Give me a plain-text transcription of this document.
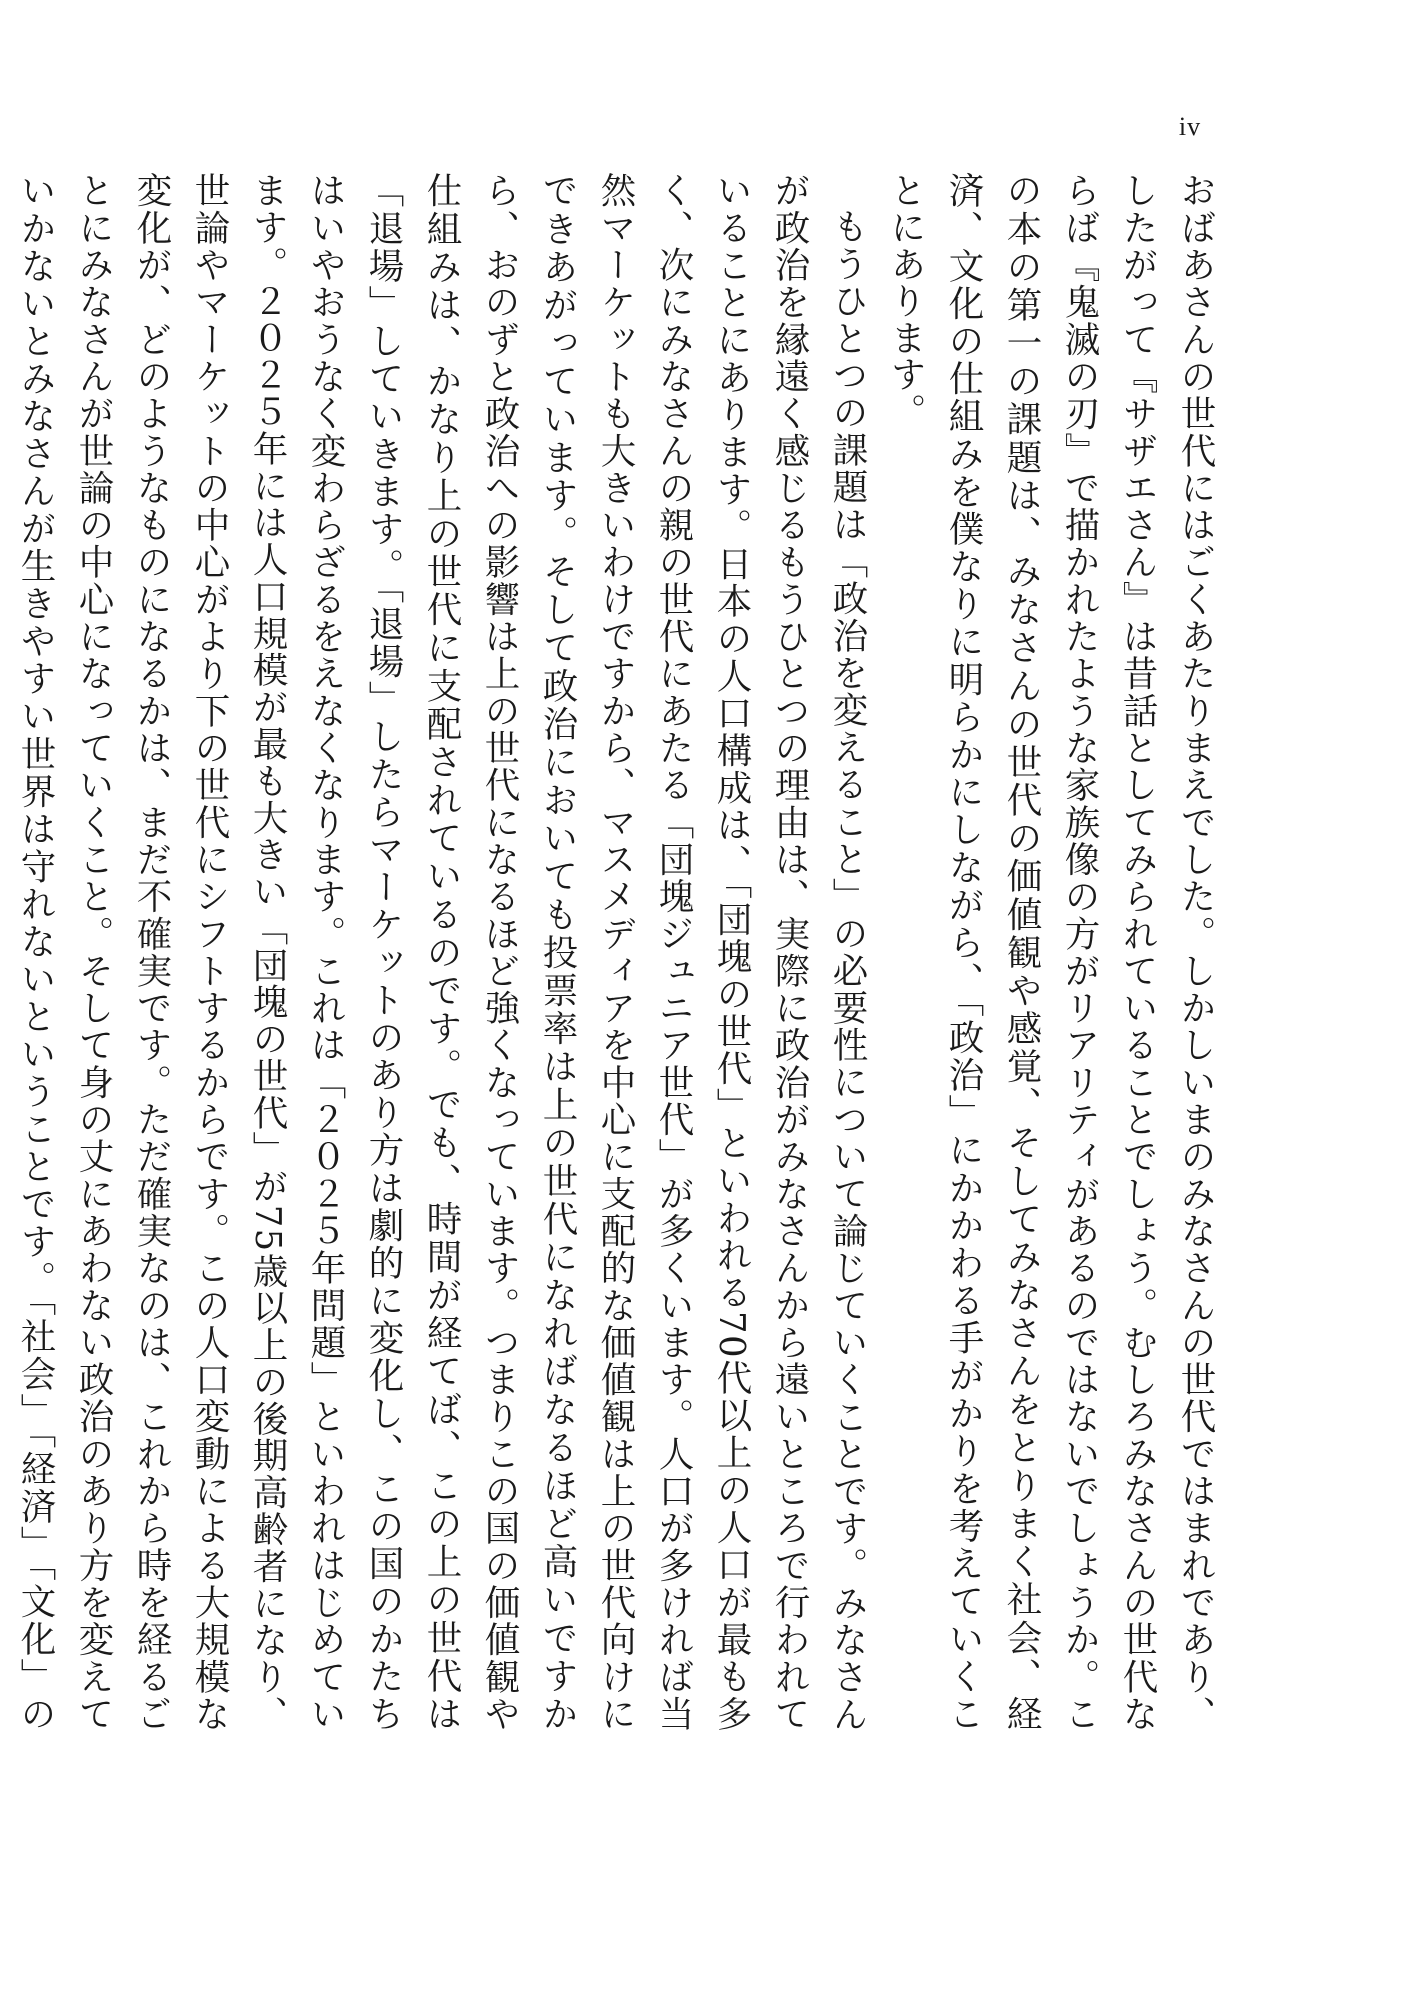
iv

おばあさんの世代にはごくあたりまえでした。しかしいまのみなさんの世代ではまれであり、したがって『サザエさん』は昔話としてみられていることでしょう。むしろみなさんの世代ならば『鬼滅の刃』で描かれたような家族像の方がリアリティがあるのではないでしょうか。この本の第一の課題は、みなさんの世代の価値観や感覚、そしてみなさんをとりまく社会、経済、文化の仕組みを僕なりに明らかにしながら、「政治」にかかわる手がかりを考えていくことにあります。

もうひとつの課題は「政治を変えること」の必要性について論じていくことです。みなさんが政治を縁遠く感じるもうひとつの理由は、実際に政治がみなさんから遠いところで行われていることにあります。日本の人口構成は、「団塊の世代」といわれる70代以上の人口が最も多く、次にみなさんの親の世代にあたる「団塊ジュニア世代」が多くいます。人口が多ければ当然マーケットも大きいわけですから、マスメディアを中心に支配的な価値観は上の世代向けにできあがっています。そして政治においても投票率は上の世代になればなるほど高いですから、おのずと政治への影響は上の世代になるほど強くなっています。つまりこの国の価値観や仕組みは、かなり上の世代に支配されているのです。でも、時間が経てば、この上の世代は「退場」していきます。「退場」したらマーケットのあり方は劇的に変化し、この国のかたちはいやおうなく変わらざるをえなくなります。これは「２０２５年問題」といわれはじめています。２０２５年には人口規模が最も大きい「団塊の世代」が75歳以上の後期高齢者になり、世論やマーケットの中心がより下の世代にシフトするからです。この人口変動による大規模な変化が、どのようなものになるかは、まだ不確実です。ただ確実なのは、これから時を経るごとにみなさんが世論の中心になっていくこと。そして身の丈にあわない政治のあり方を変えていかないとみなさんが生きやすい世界は守れないということです。「社会」「経済」「文化」の
